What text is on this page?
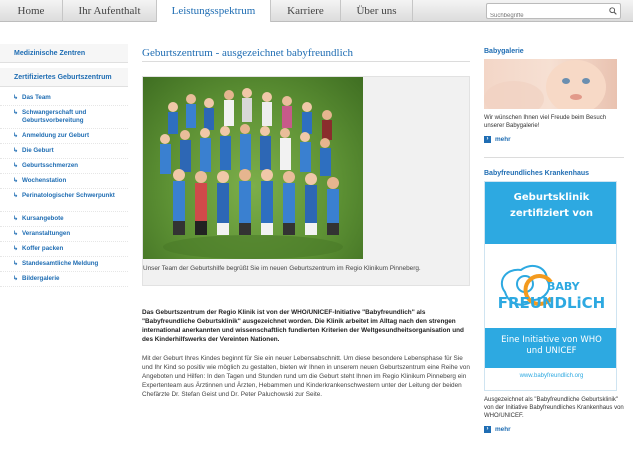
Home	Ihr Aufenthalt	Leistungsspektrum	Karriere	Über uns
Suchbegriffe
Medizinische Zentren
Zertifiziertes Geburtszentrum
↳ Das Team
↳ Schwangerschaft und Geburtsvorbereitung
↳ Anmeldung zur Geburt
↳ Die Geburt
↳ Geburtsschmerzen
↳ Wochenstation
↳ Perinatologischer Schwerpunkt
↳ Kursangebote
↳ Veranstaltungen
↳ Koffer packen
↳ Standesamtliche Meldung
↳ Bildergalerie
Geburtszentrum - ausgezeichnet babyfreundlich
Unser Team der Geburtshilfe begrüßt Sie im neuen Geburtszentrum im Regio Klinikum Pinneberg.

Das Geburtszentrum der Regio Klinik ist von der WHO/UNICEF-Initiative "Babyfreundlich" als "Babyfreundliche Geburtsklinik" ausgezeichnet worden. Die Klinik arbeitet im Alltag nach den strengen international anerkannten und wissenschaftlich fundierten Kriterien der Weltgesundheitsorganisation und des Kinderhilfswerks der Vereinten Nationen.

Mit der Geburt Ihres Kindes beginnt für Sie ein neuer Lebensabschnitt. Um diese besondere Lebensphase für Sie und Ihr Kind so positiv wie möglich zu gestalten, bieten wir Ihnen in unserem neuen Geburtszentrum eine Reihe von Angeboten und Hilfen: In den Tagen und Stunden rund um die Geburt steht Ihnen im Regio Klinikum Pinneberg ein Expertenteam aus Ärztinnen und Ärzten, Hebammen und Kinderkrankenschwestern unter der Leitung der beiden Chefärzte Dr. Stefan Geist und Dr. Peter Paluchowski zur Seite.

Babygalerie

Wir wünschen Ihnen viel Freude beim Besuch unserer Babygalerie!

›	mehr
Babyfreundliches Krankenhaus
Geburtsklinik
zertifiziert von
BABY
FREUNDLiCH
Eine Initiative von WHO
und UNICEF
www.babyfreundlich.org

Ausgezeichnet als "Babyfreundliche Geburtsklinik" von der Initiative Babyfreundliches Krankenhaus von WHO/UNICEF.

›	mehr
